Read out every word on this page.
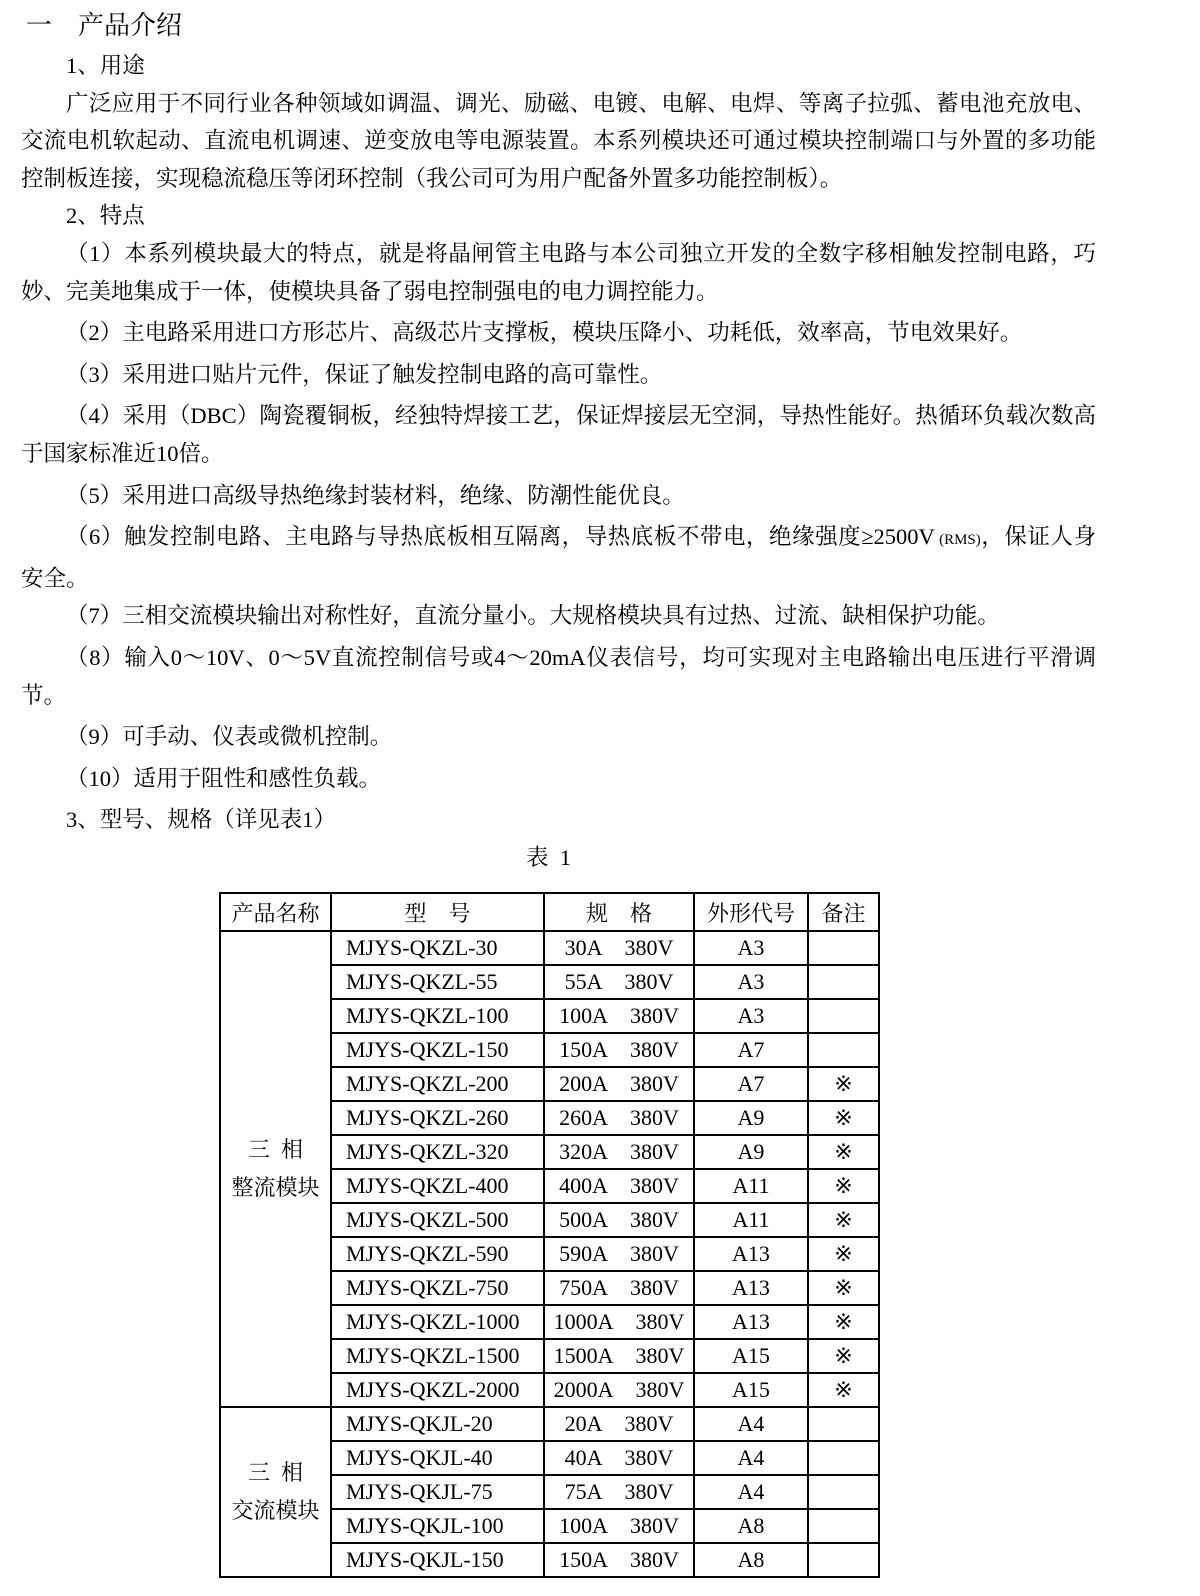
一　产品介绍

1、用途

广泛应用于不同行业各种领域如调温、调光、励磁、电镀、电解、电焊、等离子拉弧、蓄电池充放电、交流电机软起动、直流电机调速、逆变放电等电源装置。本系列模块还可通过模块控制端口与外置的多功能控制板连接，实现稳流稳压等闭环控制（我公司可为用户配备外置多功能控制板）。

2、特点

（1）本系列模块最大的特点，就是将晶闸管主电路与本公司独立开发的全数字移相触发控制电路，巧妙、完美地集成于一体，使模块具备了弱电控制强电的电力调控能力。

（2）主电路采用进口方形芯片、高级芯片支撑板，模块压降小、功耗低，效率高，节电效果好。

（3）采用进口贴片元件，保证了触发控制电路的高可靠性。

（4）采用（DBC）陶瓷覆铜板，经独特焊接工艺，保证焊接层无空洞，导热性能好。热循环负载次数高于国家标准近10倍。

（5）采用进口高级导热绝缘封装材料，绝缘、防潮性能优良。

（6）触发控制电路、主电路与导热底板相互隔离，导热底板不带电，绝缘强度≥2500V (RMS)，保证人身安全。

（7）三相交流模块输出对称性好，直流分量小。大规格模块具有过热、过流、缺相保护功能。

（8）输入0～10V、0～5V直流控制信号或4～20mA仪表信号，均可实现对主电路输出电压进行平滑调节。

（9）可手动、仪表或微机控制。

（10）适用于阻性和感性负载。

3、型号、规格（详见表1）

表  1
产品名称	型　号	规　格	外形代号	备注

三  相
整流模块	MJYS-QKZL-30	30A 380V	A3	
	MJYS-QKZL-55	55A 380V	A3	
	MJYS-QKZL-100	100A 380V	A3	
	MJYS-QKZL-150	150A 380V	A7	
	MJYS-QKZL-200	200A 380V	A7	※
	MJYS-QKZL-260	260A 380V	A9	※
	MJYS-QKZL-320	320A 380V	A9	※
	MJYS-QKZL-400	400A 380V	A11	※
	MJYS-QKZL-500	500A 380V	A11	※
	MJYS-QKZL-590	590A 380V	A13	※
	MJYS-QKZL-750	750A 380V	A13	※
	MJYS-QKZL-1000	1000A 380V	A13	※
	MJYS-QKZL-1500	1500A 380V	A15	※
	MJYS-QKZL-2000	2000A 380V	A15	※

三  相
交流模块	MJYS-QKJL-20	20A 380V	A4	
	MJYS-QKJL-40	40A 380V	A4	
	MJYS-QKJL-75	75A 380V	A4	
	MJYS-QKJL-100	100A 380V	A8	
	MJYS-QKJL-150	150A 380V	A8	
